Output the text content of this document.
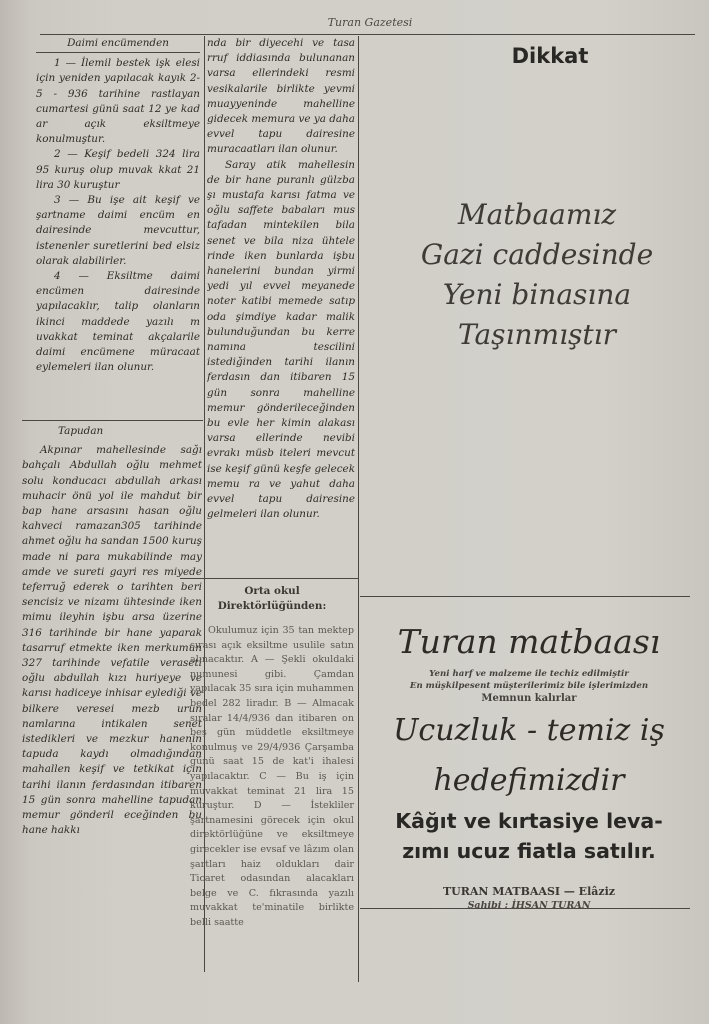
Turan Gazetesi
Daimi encümenden

1 — İlemil bestek işk elesi için yeniden yapılacak kayık 2-5 - 936 tarihine rastlayan cumartesi günü saat 12 ye kad ar açık eksiltmeye konulmuştur.

2 — Keşif bedeli 324 lira 95 kuruş olup muvak kkat 21 lira 30 kuruştur

3 — Bu işe ait keşif ve şartname daimi encüm en dairesinde mevcuttur, istenenler suretlerini bed elsiz olarak alabilirler.

4 — Eksiltme daimi encümen dairesinde yapılacaklır, talip olanların ikinci maddede yazılı m uvakkat teminat akçalarile daimi encümene müracaat eylemeleri ilan olunur.

Tapudan

Akpınar mahellesinde sağı bahçalı Abdullah oğlu mehmet solu konducacı abdullah arkası muhacir önü yol ile mahdut bir bap hane arsasını hasan oğlu kahveci ramazan305 tarihinde ahmet oğlu ha sandan 1500 kuruş made ni para mukabilinde may amde ve sureti gayri res miyede teferruğ ederek o tarihten beri sencisiz ve nizamı ühtesinde iken mimu ileyhin işbu arsa üzerine 316 tarihinde bir hane yaparak tasarruf etmekte iken merkumun 327 tarihinde vefatile veraseti oğlu abdullah kızı huriyeye ve karısı hadiceye inhisar eylediği ve bilkere veresei mezb urun namlarına intikalen senet istedikleri ve mezkur hanenin tapuda kaydı olmadığından mahallen keşif ve tetkikat için tarihi ilanın ferdasından itibaren 15 gün sonra mahelline tapudan memur gönderil eceğinden bu hane hakkı

nda bir diyecehi ve tasa rruf iddiasında bulunanan varsa ellerindeki resmi vesikalarile birlikte yevmi muayyeninde mahelline gidecek memura ve ya daha evvel tapu dairesine muracaatları ilan olunur.

Saray atik mahellesin de bir hane puranlı gülzba şı mustafa karısı fatma ve oğlu saffete babaları mus tafadan mintekilen bila senet ve bila niza ühtele rinde iken bunlarda işbu hanelerini bundan yirmi yedi yıl evvel meyanede noter katibi memede satıp oda şimdiye kadar malik bulunduğundan bu kerre namına tescilini istediğinden tarihi ilanın ferdasın dan itibaren 15 gün sonra mahelline memur gönderileceğinden bu evle her kimin alakası varsa ellerinde nevibi evrakı müsb iteleri mevcut ise keşif günü keşfe gelecek memu ra ve yahut daha evvel tapu dairesine gelmeleri ilan olunur.

Orta okul
Direktörlüğünden:

Okulumuz için 35 tan mektep sırası açık eksiltme usulile satın alınacaktır. A — Şekli okuldaki numunesi gibi. Çamdan yapılacak 35 sıra için muhammen bedel 282 liradır. B — Almacak sıralar 14/4/936 dan itibaren on beş gün müddetle eksiltmeye konulmuş ve 29/4/936 Çarşamba günü saat 15 de kat'i ihalesi yapılacaktır. C — Bu iş için muvakkat teminat 21 lira 15 kuruştur. D — İstekliler şartnamesini görecek için okul direktörlüğüne ve eksiltmeye girecekler ise evsaf ve lâzım olan şartları haiz oldukları dair Ticaret odasından alacakları belge ve C. fıkrasında yazılı muvakkat te'minatile birlikte belli saatte

Dikkat
Matbaamız
Gazi caddesinde
Yeni binasına
Taşınmıştır
Turan matbaası
Yeni harf ve malzeme ile techiz edilmiştir
En müşkilpesent müşterilerimiz bile işlerimizden
Memnun kalırlar
Ucuzluk - temiz iş
hedefimizdir
Kâğıt ve kırtasiye leva-
zımı ucuz fiatla satılır.
TURAN MATBAASI — Elâziz
Sahibi : İHSAN TURAN
